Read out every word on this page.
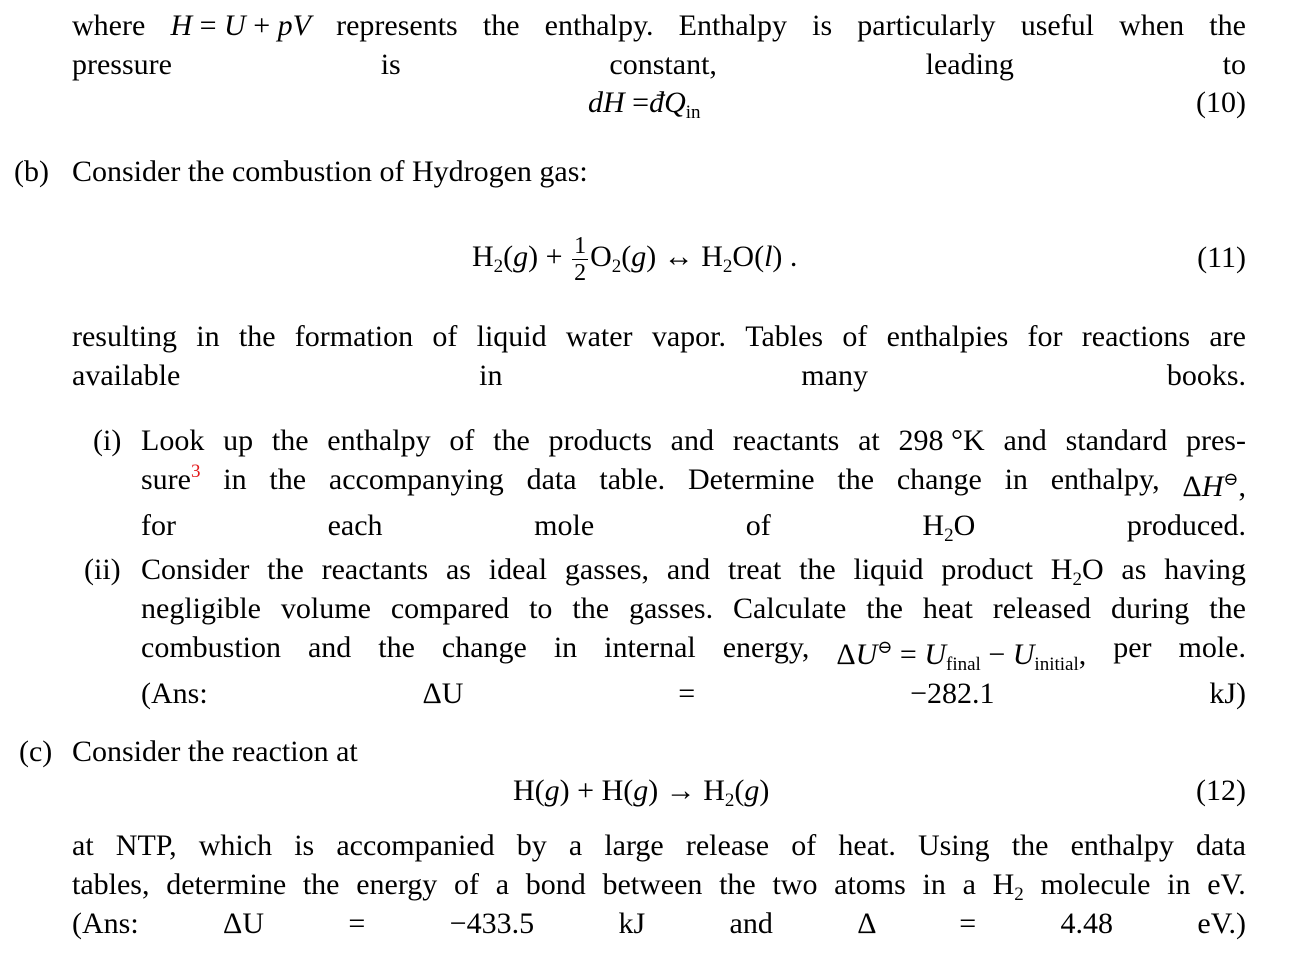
where H = U + pV represents the enthalpy. Enthalpy is particularly useful when the
pressure is constant, leading to
dH $=đQ_{in}$	(10)
(b) Consider the combustion of Hydrogen gas:
$H_2(g) + \frac{1}{2} O_2(g)$ ↔ $H_2O(l)$ .	(11)
resulting in the formation of liquid water vapor. Tables of enthalpies for reactions are
available in many books.
(i) Look up the enthalpy of the products and reactants at 298 °K and standard pres-
sure$^3$ in the accompanying data table. Determine the change in enthalpy, ΔH⊖,
for each mole of $H_2O$ produced.
(ii) Consider the reactants as ideal gasses, and treat the liquid product $H_2O$ as having
negligible volume compared to the gasses. Calculate the heat released during the
combustion and the change in internal energy, $\Delta U^⊖ = U_{final} - U_{initial}$, per mole.
(Ans: ΔU = −282.1 kJ)
(c) Consider the reaction at
$H(g) + H(g) \to H_2(g)$	(12)
at NTP, which is accompanied by a large release of heat. Using the enthalpy data
tables, determine the energy of a bond between the two atoms in a $H_2$ molecule in eV.
(Ans: ΔU = −433.5 kJ and Δ = 4.48 eV.)
